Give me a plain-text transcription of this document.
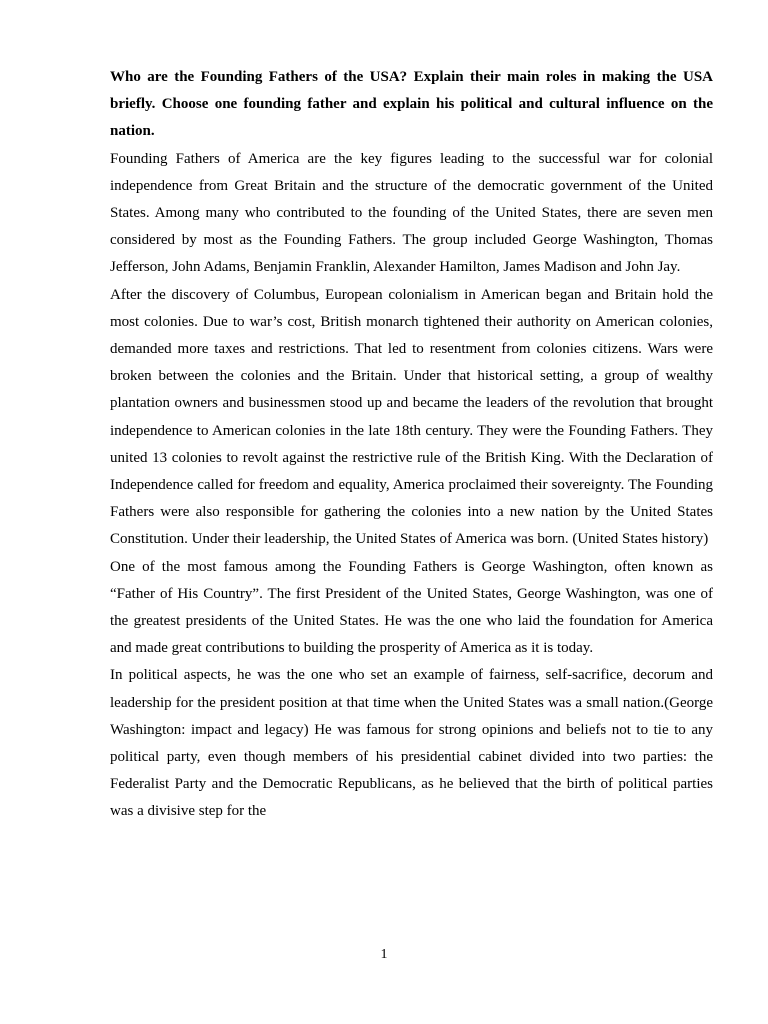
Who are the Founding Fathers of the USA? Explain their main roles in making the USA briefly. Choose one founding father and explain his political and cultural influence on the nation.

Founding Fathers of America are the key figures leading to the successful war for colonial independence from Great Britain and the structure of the democratic government of the United States. Among many who contributed to the founding of the United States, there are seven men considered by most as the Founding Fathers. The group included George Washington, Thomas Jefferson, John Adams, Benjamin Franklin, Alexander Hamilton, James Madison and John Jay.

After the discovery of Columbus, European colonialism in American began and Britain hold the most colonies. Due to war’s cost, British monarch tightened their authority on American colonies, demanded more taxes and restrictions. That led to resentment from colonies citizens. Wars were broken between the colonies and the Britain. Under that historical setting, a group of wealthy plantation owners and businessmen stood up and became the leaders of the revolution that brought independence to American colonies in the late 18th century. They were the Founding Fathers. They united 13 colonies to revolt against the restrictive rule of the British King. With the Declaration of Independence called for freedom and equality, America proclaimed their sovereignty. The Founding Fathers were also responsible for gathering the colonies into a new nation by the United States Constitution. Under their leadership, the United States of America was born. (United States history)

One of the most famous among the Founding Fathers is George Washington, often known as “Father of His Country”. The first President of the United States, George Washington, was one of the greatest presidents of the United States. He was the one who laid the foundation for America and made great contributions to building the prosperity of America as it is today.

In political aspects, he was the one who set an example of fairness, self-sacrifice, decorum and leadership for the president position at that time when the United States was a small nation.(George Washington: impact and legacy) He was famous for strong opinions and beliefs not to tie to any political party, even though members of his presidential cabinet divided into two parties: the Federalist Party and the Democratic Republicans, as he believed that the birth of political parties was a divisive step for the

1
